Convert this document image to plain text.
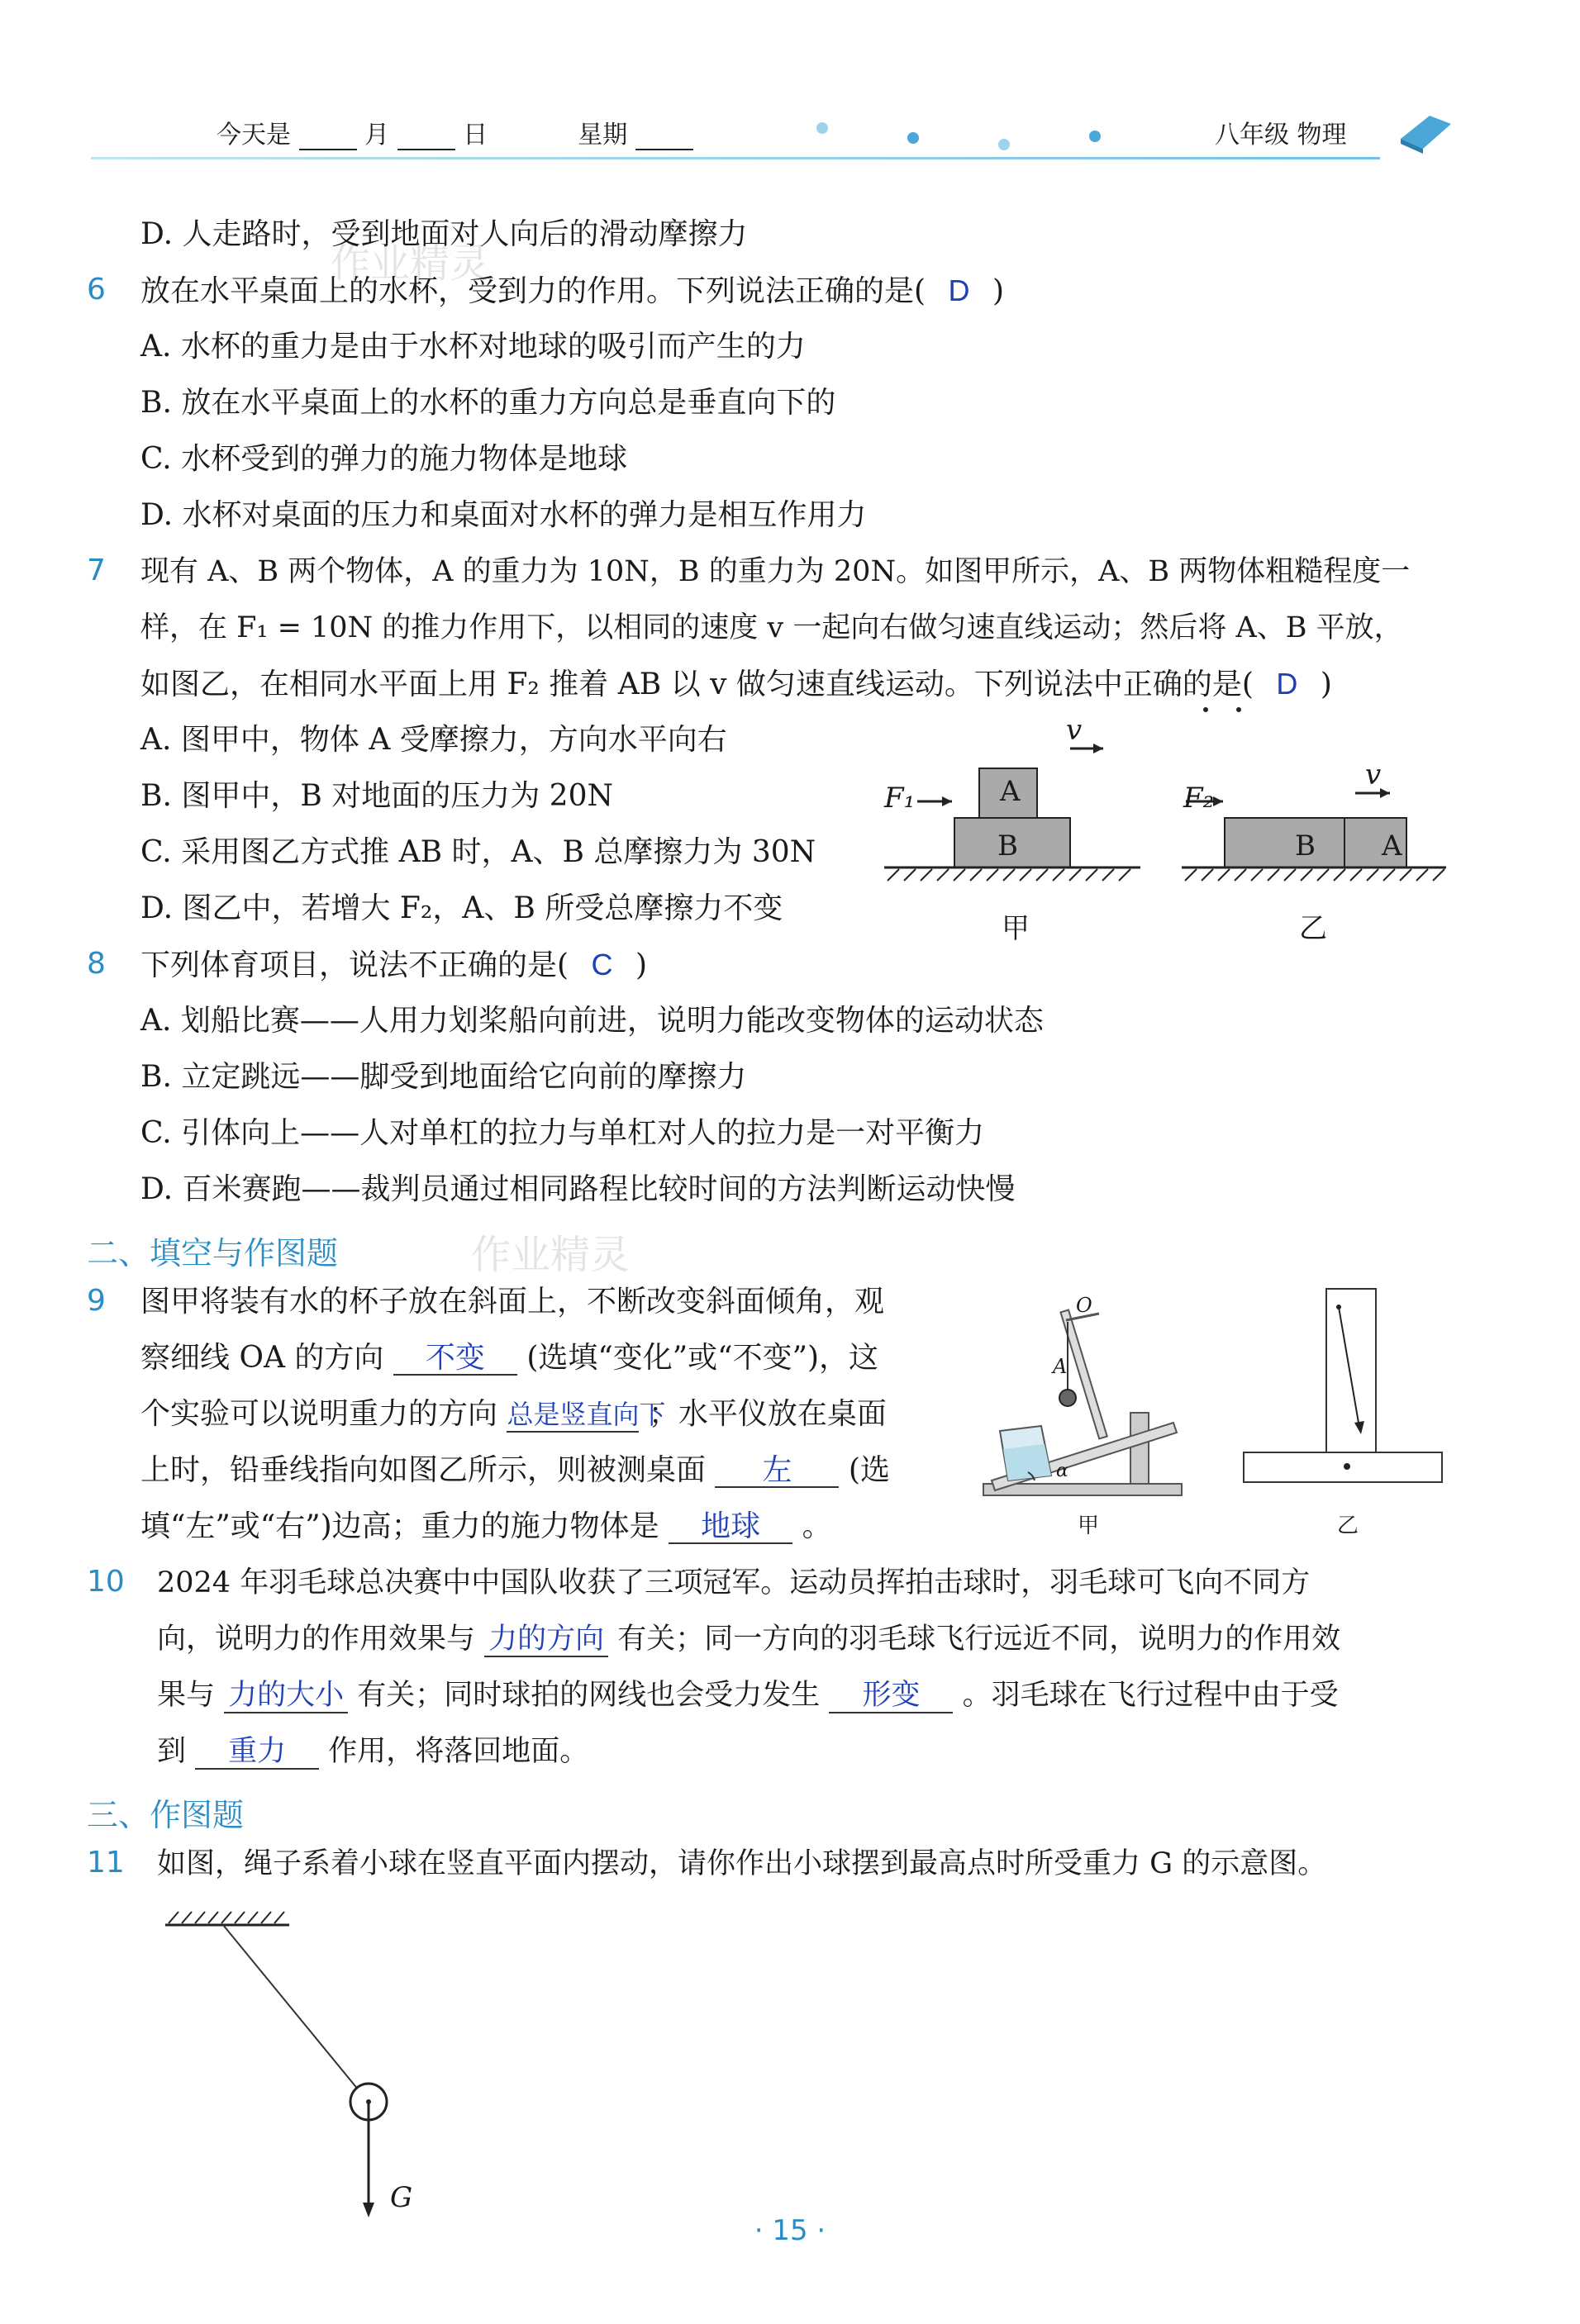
今天是	月	日	星期	八年级 物理
作业精灵
作业精灵
D. 人走路时，受到地面对人向后的滑动摩擦力
6 放在水平桌面上的水杯，受到力的作用。下列说法正确的是( D )
A. 水杯的重力是由于水杯对地球的吸引而产生的力
B. 放在水平桌面上的水杯的重力方向总是垂直向下的
C. 水杯受到的弹力的施力物体是地球
D. 水杯对桌面的压力和桌面对水杯的弹力是相互作用力
7 现有 A、B 两个物体，A 的重力为 10N，B 的重力为 20N。如图甲所示，A、B 两物体粗糙程度一
样，在 F₁ = 10N 的推力作用下，以相同的速度 v 一起向右做匀速直线运动；然后将 A、B 平放，
如图乙，在相同水平面上用 F₂ 推着 AB 以 v 做匀速直线运动。下列说法中正确的是( D )
A. 图甲中，物体 A 受摩擦力，方向水平向右
B. 图甲中，B 对地面的压力为 20N
C. 采用图乙方式推 AB 时，A、B 总摩擦力为 30N
D. 图乙中，若增大 F₂，A、B 所受总摩擦力不变
F₁
v
A
B
甲
F₂
v
B A
乙
8 下列体育项目，说法不正确的是( C )
A. 划船比赛——人用力划桨船向前进，说明力能改变物体的运动状态
B. 立定跳远——脚受到地面给它向前的摩擦力
C. 引体向上——人对单杠的拉力与单杠对人的拉力是一对平衡力
D. 百米赛跑——裁判员通过相同路程比较时间的方法判断运动快慢
二、填空与作图题
9 图甲将装有水的杯子放在斜面上，不断改变斜面倾角，观
察细线 OA 的方向 不变 (选填“变化”或“不变”)，这
个实验可以说明重力的方向 总是竖直向下 ；水平仪放在桌面
上时，铅垂线指向如图乙所示，则被测桌面 左 (选
填“左”或“右”)边高；重力的施力物体是 地球 。
O
A
α
甲	乙
10 2024 年羽毛球总决赛中中国队收获了三项冠军。运动员挥拍击球时，羽毛球可飞向不同方
向，说明力的作用效果与 力的方向 有关；同一方向的羽毛球飞行远近不同，说明力的作用效
果与 力的大小 有关；同时球拍的网线也会受力发生 形变 。羽毛球在飞行过程中由于受
到 重力 作用，将落回地面。
三、作图题
11 如图，绳子系着小球在竖直平面内摆动，请你作出小球摆到最高点时所受重力 G 的示意图。
G
· 15 ·
